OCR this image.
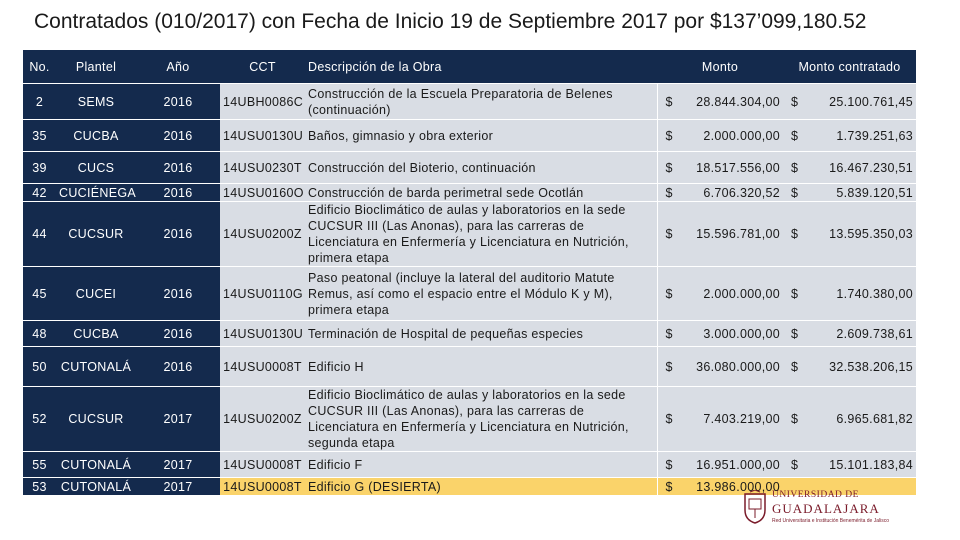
Contratados (010/2017) con Fecha de Inicio 19 de Septiembre 2017 por $137’099,180.52
No.	Plantel	Año	CCT	Descripción de la Obra	Monto		Monto contratado	
2	SEMS	2016	14UBH0086C	Construcción de la Escuela Preparatoria de Belenes (continuación)	$	28.844.304,00	$	25.100.761,45
35	CUCBA	2016	14USU0130U	Baños, gimnasio y obra exterior	$	2.000.000,00	$	1.739.251,63
39	CUCS	2016	14USU0230T	Construcción del Bioterio, continuación	$	18.517.556,00	$	16.467.230,51
42	CUCIÉNEGA	2016	14USU0160O	Construcción de barda perimetral sede Ocotlán	$	6.706.320,52	$	5.839.120,51
44	CUCSUR	2016	14USU0200Z	Edificio Bioclimático de aulas y laboratorios en la sede CUCSUR III (Las Anonas), para las carreras de Licenciatura en Enfermería y Licenciatura en Nutrición, primera etapa	$	15.596.781,00	$	13.595.350,03
45	CUCEI	2016	14USU0110G	Paso peatonal (incluye la lateral del auditorio Matute Remus, así como el espacio entre el Módulo K y M), primera etapa	$	2.000.000,00	$	1.740.380,00
48	CUCBA	2016	14USU0130U	Terminación de Hospital de pequeñas especies	$	3.000.000,00	$	2.609.738,61
50	CUTONALÁ	2016	14USU0008T	Edificio H	$	36.080.000,00	$	32.538.206,15
52	CUCSUR	2017	14USU0200Z	Edificio Bioclimático de aulas y laboratorios en la sede CUCSUR III (Las Anonas), para las carreras de Licenciatura en Enfermería y Licenciatura en Nutrición, segunda etapa	$	7.403.219,00	$	6.965.681,82
55	CUTONALÁ	2017	14USU0008T	Edificio F	$	16.951.000,00	$	15.101.183,84
53	CUTONALÁ	2017	14USU0008T	Edificio G (DESIERTA)	$	13.986.000,00		
UNIVERSIDAD DE
GUADALAJARA
Red Universitaria e Institución Benemérita de Jalisco
